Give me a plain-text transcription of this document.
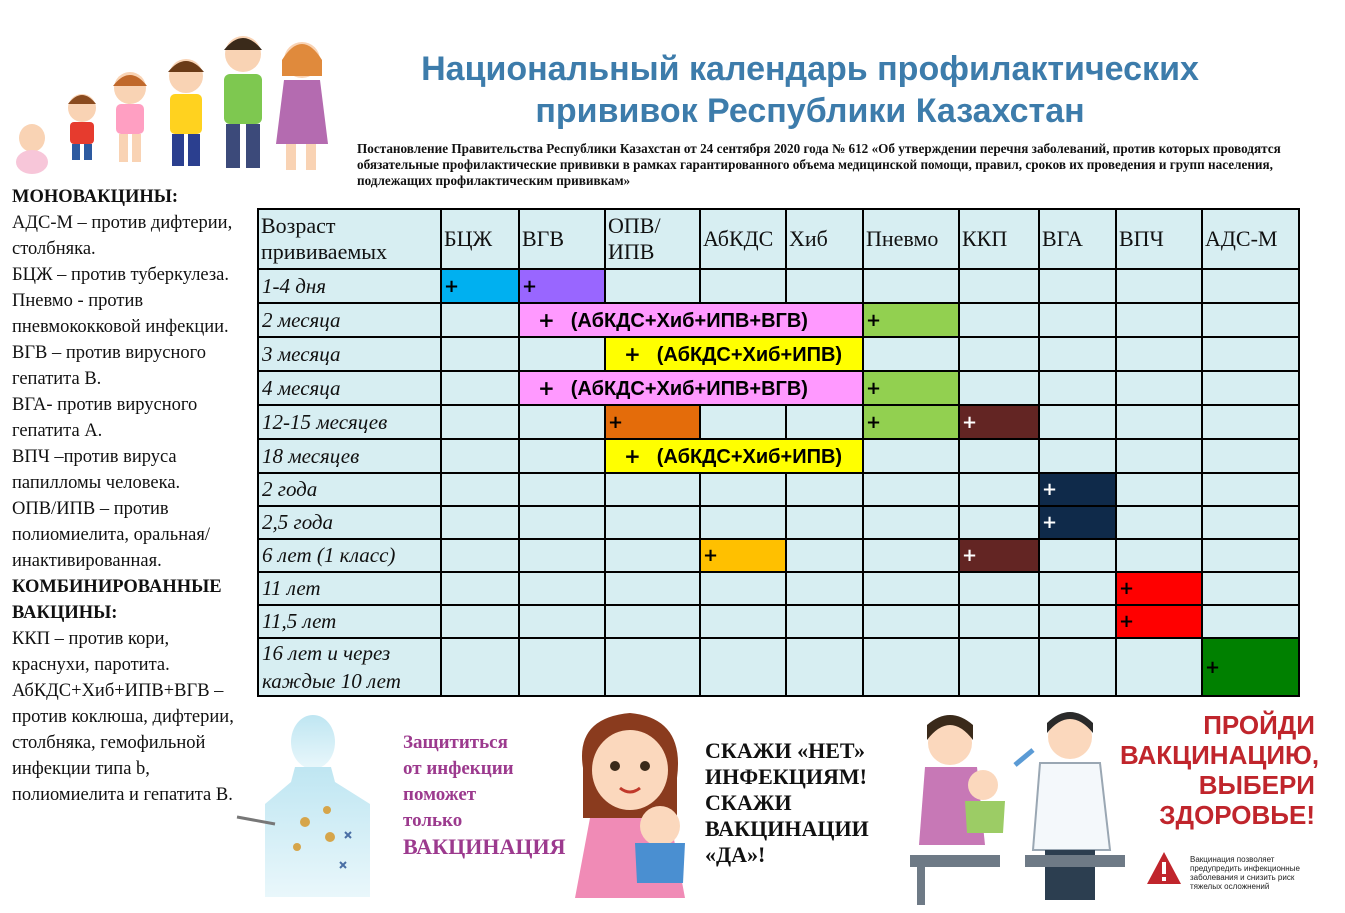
Национальный календарь профилактических
прививок Республики Казахстан
Постановление Правительства Республики Казахстан от 24 сентября 2020 года № 612 «Об утверждении перечня заболеваний, против которых проводятся обязательные профилактические прививки в рамках гарантированного объема медицинской помощи, правил, сроков их проведения и групп населения, подлежащих профилактическим прививкам»
МОНОВАКЦИНЫ:
АДС-М – против дифтерии, столбняка.
БЦЖ – против туберкулеза.
Пневмо - против пневмококковой инфекции.
ВГВ – против вирусного гепатита В.
ВГА- против вирусного гепатита А.
ВПЧ –против вируса папилломы человека.
ОПВ/ИПВ – против полиомиелита, оральная/ инактивированная.
КОМБИНИРОВАННЫЕ ВАКЦИНЫ:
ККП – против кори, краснухи, паротита.
АбКДС+Хиб+ИПВ+ВГВ – против коклюша, дифтерии, столбняка, гемофильной инфекции типа b, полиомиелита и гепатита В.
Возраст прививаемых	БЦЖ	ВГВ	ОПВ/ ИПВ	АбКДС	Хиб	Пневмо	ККП	ВГА	ВПЧ	АДС-М
1-4 дня	+	+								
2 месяца		+ (АбКДС+Хиб+ИПВ+ВГВ)				+				
3 месяца			+ (АбКДС+Хиб+ИПВ)							
4 месяца		+ (АбКДС+Хиб+ИПВ+ВГВ)				+				
12-15 месяцев			+			+	+			
18 месяцев			+ (АбКДС+Хиб+ИПВ)							
2 года								+		
2,5 года								+		
6 лет (1 класс)				+			+			
11 лет									+	
11,5 лет									+	
16 лет и через каждые 10 лет										+
Защититься
от инфекции
поможет
только
ВАКЦИНАЦИЯ
СКАЖИ «НЕТ»
ИНФЕКЦИЯМ!
СКАЖИ
ВАКЦИНАЦИИ
«ДА»!
ПРОЙДИ
ВАКЦИНАЦИЮ,
ВЫБЕРИ
ЗДОРОВЬЕ!
Вакцинация позволяет предупредить инфекционные заболевания и снизить риск тяжелых осложнений
